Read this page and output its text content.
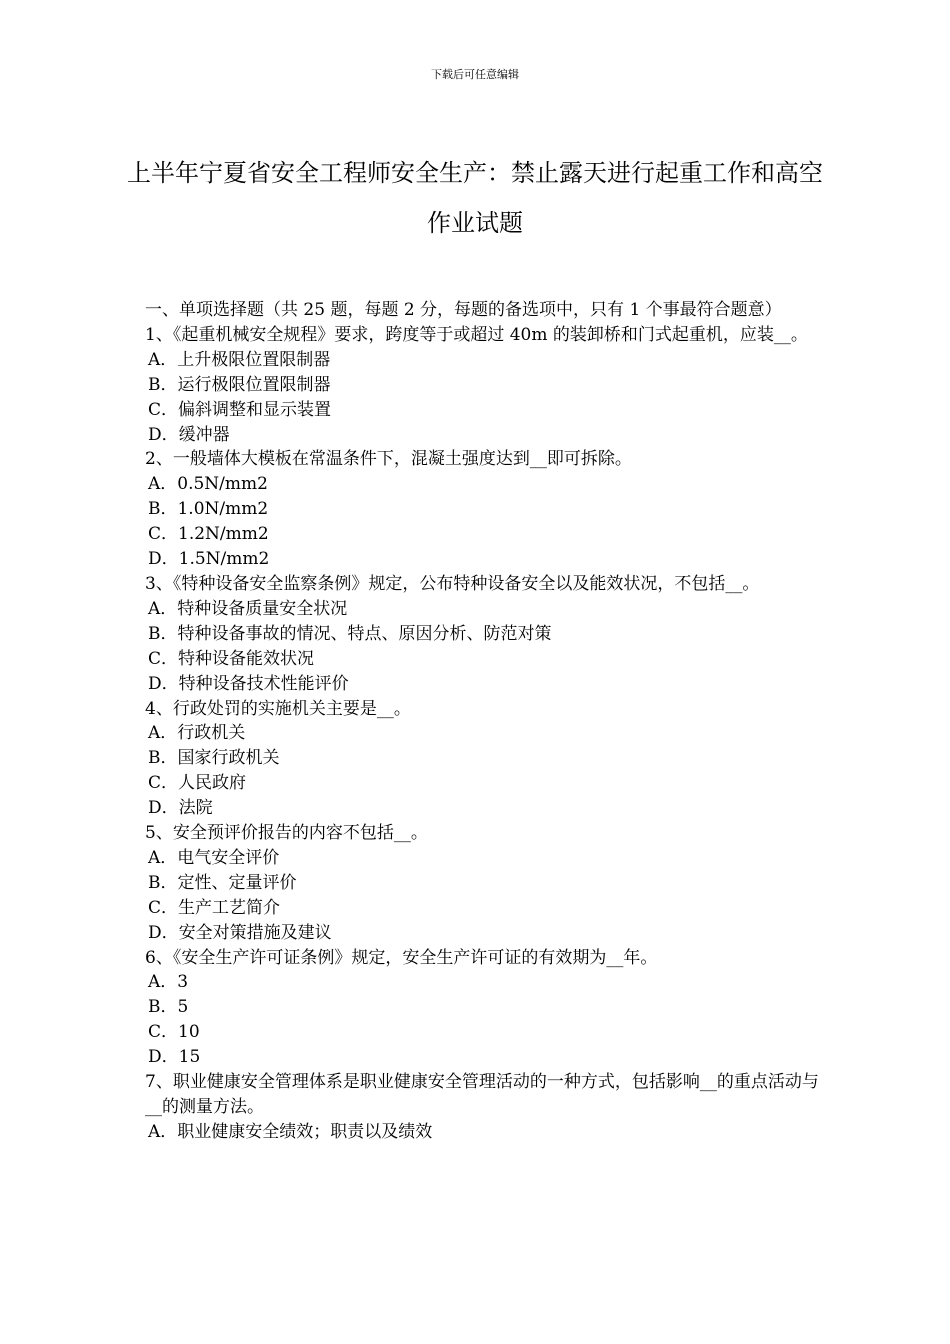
下载后可任意编辑
上半年宁夏省安全工程师安全生产：禁止露天进行起重工作和高空作业试题
一、单项选择题（共 25 题，每题 2 分，每题的备选项中，只有 1 个事最符合题意）
1、《起重机械安全规程》要求，跨度等于或超过 40m 的装卸桥和门式起重机，应装__。
A．上升极限位置限制器
B．运行极限位置限制器
C．偏斜调整和显示装置
D．缓冲器
2、一般墙体大模板在常温条件下，混凝土强度达到__即可拆除。
A．0.5N/mm2
B．1.0N/mm2
C．1.2N/mm2
D．1.5N/mm2
3、《特种设备安全监察条例》规定，公布特种设备安全以及能效状况，不包括__。
A．特种设备质量安全状况
B．特种设备事故的情况、特点、原因分析、防范对策
C．特种设备能效状况
D．特种设备技术性能评价
4、行政处罚的实施机关主要是__。
A．行政机关
B．国家行政机关
C．人民政府
D．法院
5、安全预评价报告的内容不包括__。
A．电气安全评价
B．定性、定量评价
C．生产工艺简介
D．安全对策措施及建议
6、《安全生产许可证条例》规定，安全生产许可证的有效期为__年。
A．3
B．5
C．10
D．15
7、职业健康安全管理体系是职业健康安全管理活动的一种方式，包括影响__的重点活动与__的测量方法。
A．职业健康安全绩效；职责以及绩效
